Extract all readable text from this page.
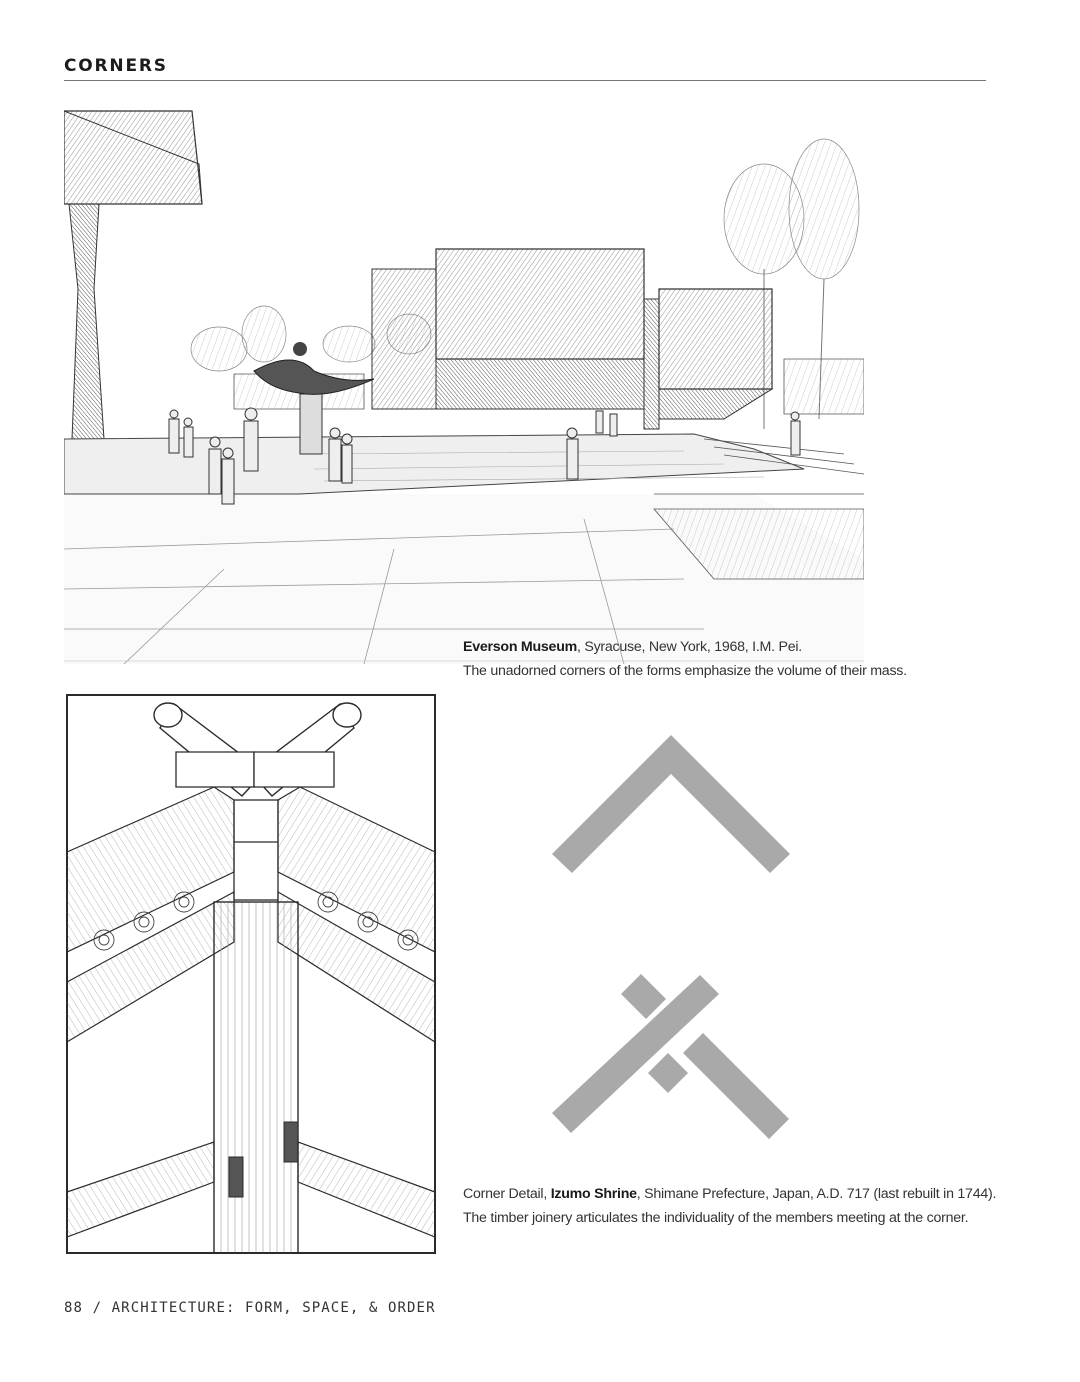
CORNERS
Everson Museum, Syracuse, New York, 1968, I.M. Pei.
The unadorned corners of the forms emphasize the volume of their mass.
Corner Detail, Izumo Shrine, Shimane Prefecture, Japan, A.D. 717 (last rebuilt in 1744).
The timber joinery articulates the individuality of the members meeting at the corner.
88 / ARCHITECTURE: FORM, SPACE, & ORDER
